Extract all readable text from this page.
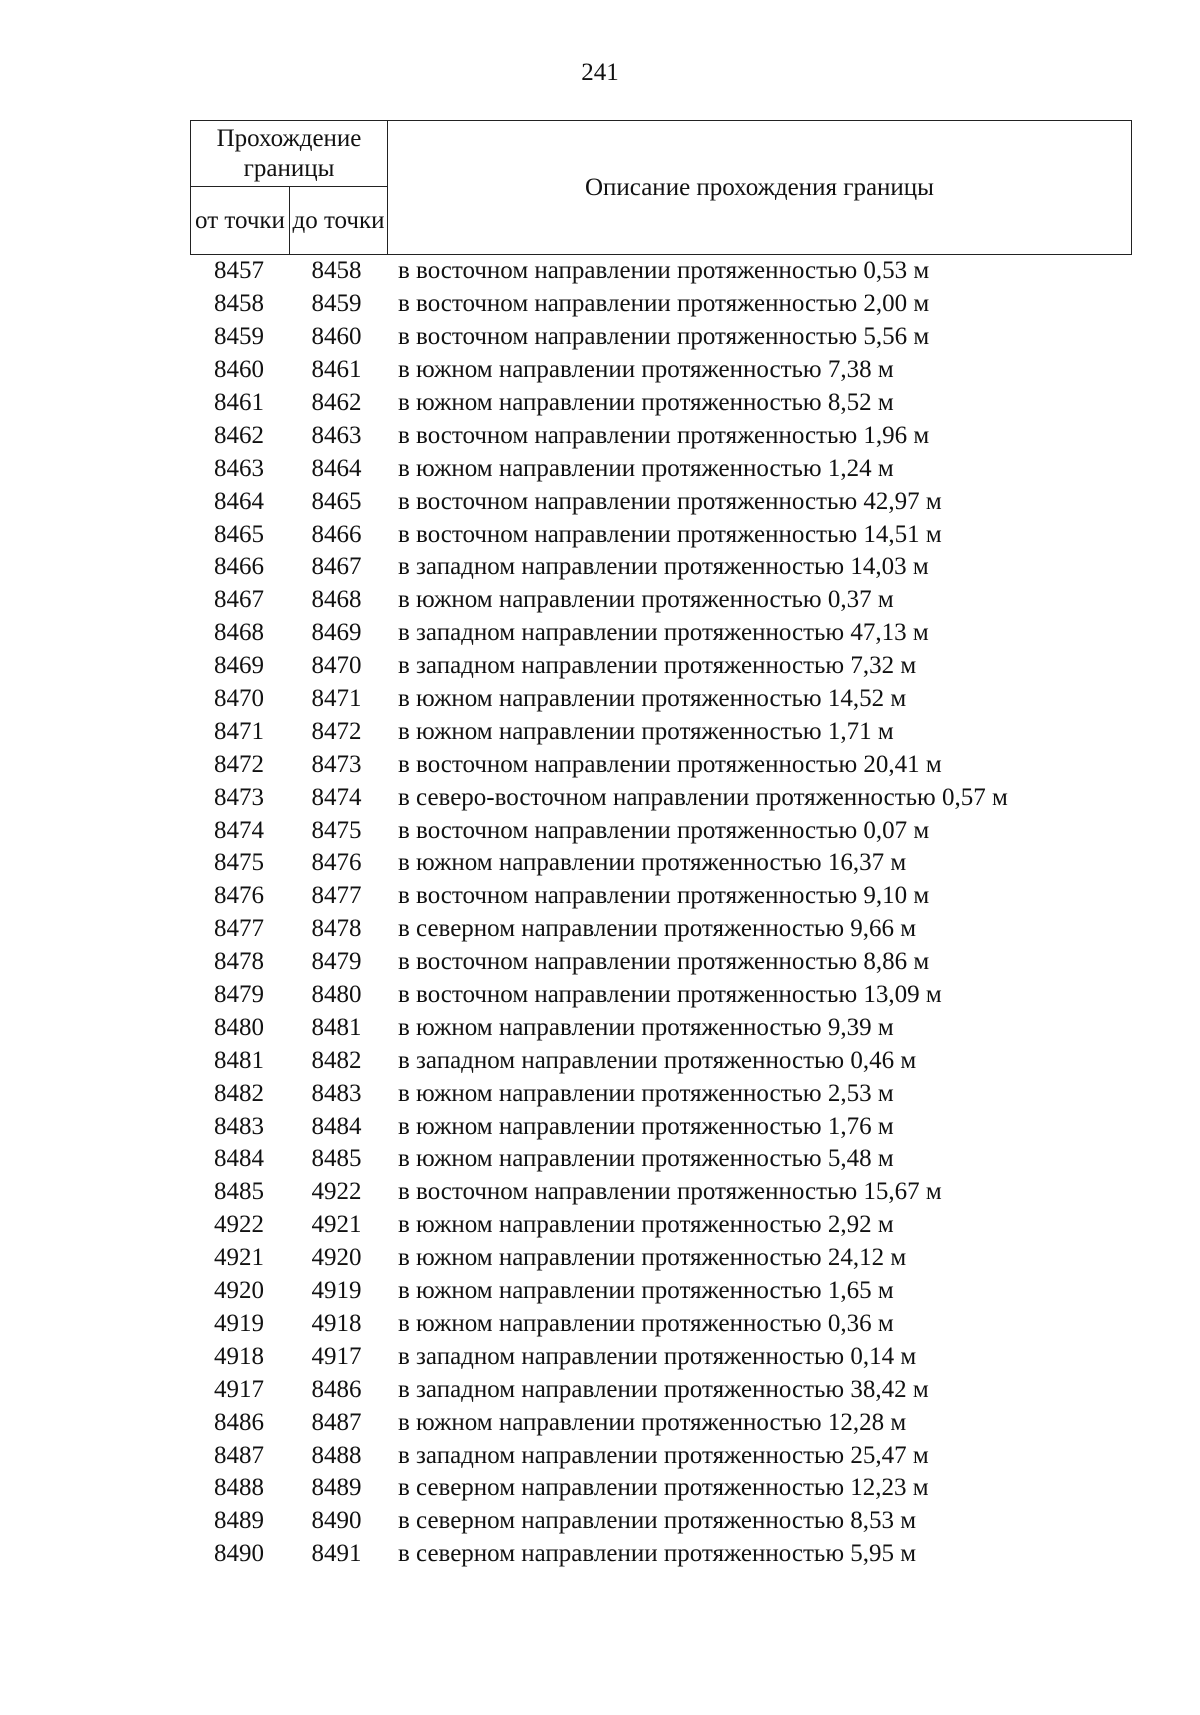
241
Прохождение границы		Описание прохождения границы
от точки	до точки	
8457	8458	в восточном направлении протяженностью 0,53 м
8458	8459	в восточном направлении протяженностью 2,00 м
8459	8460	в восточном направлении протяженностью 5,56 м
8460	8461	в южном направлении протяженностью 7,38 м
8461	8462	в южном направлении протяженностью 8,52 м
8462	8463	в восточном направлении протяженностью 1,96 м
8463	8464	в южном направлении протяженностью 1,24 м
8464	8465	в восточном направлении протяженностью 42,97 м
8465	8466	в восточном направлении протяженностью 14,51 м
8466	8467	в западном направлении протяженностью 14,03 м
8467	8468	в южном направлении протяженностью 0,37 м
8468	8469	в западном направлении протяженностью 47,13 м
8469	8470	в западном направлении протяженностью 7,32 м
8470	8471	в южном направлении протяженностью 14,52 м
8471	8472	в южном направлении протяженностью 1,71 м
8472	8473	в восточном направлении протяженностью 20,41 м
8473	8474	в северо-восточном направлении протяженностью 0,57 м
8474	8475	в восточном направлении протяженностью 0,07 м
8475	8476	в южном направлении протяженностью 16,37 м
8476	8477	в восточном направлении протяженностью 9,10 м
8477	8478	в северном направлении протяженностью 9,66 м
8478	8479	в восточном направлении протяженностью 8,86 м
8479	8480	в восточном направлении протяженностью 13,09 м
8480	8481	в южном направлении протяженностью 9,39 м
8481	8482	в западном направлении протяженностью 0,46 м
8482	8483	в южном направлении протяженностью 2,53 м
8483	8484	в южном направлении протяженностью 1,76 м
8484	8485	в южном направлении протяженностью 5,48 м
8485	4922	в восточном направлении протяженностью 15,67 м
4922	4921	в южном направлении протяженностью 2,92 м
4921	4920	в южном направлении протяженностью 24,12 м
4920	4919	в южном направлении протяженностью 1,65 м
4919	4918	в южном направлении протяженностью 0,36 м
4918	4917	в западном направлении протяженностью 0,14 м
4917	8486	в западном направлении протяженностью 38,42 м
8486	8487	в южном направлении протяженностью 12,28 м
8487	8488	в западном направлении протяженностью 25,47 м
8488	8489	в северном направлении протяженностью 12,23 м
8489	8490	в северном направлении протяженностью 8,53 м
8490	8491	в северном направлении протяженностью 5,95 м
